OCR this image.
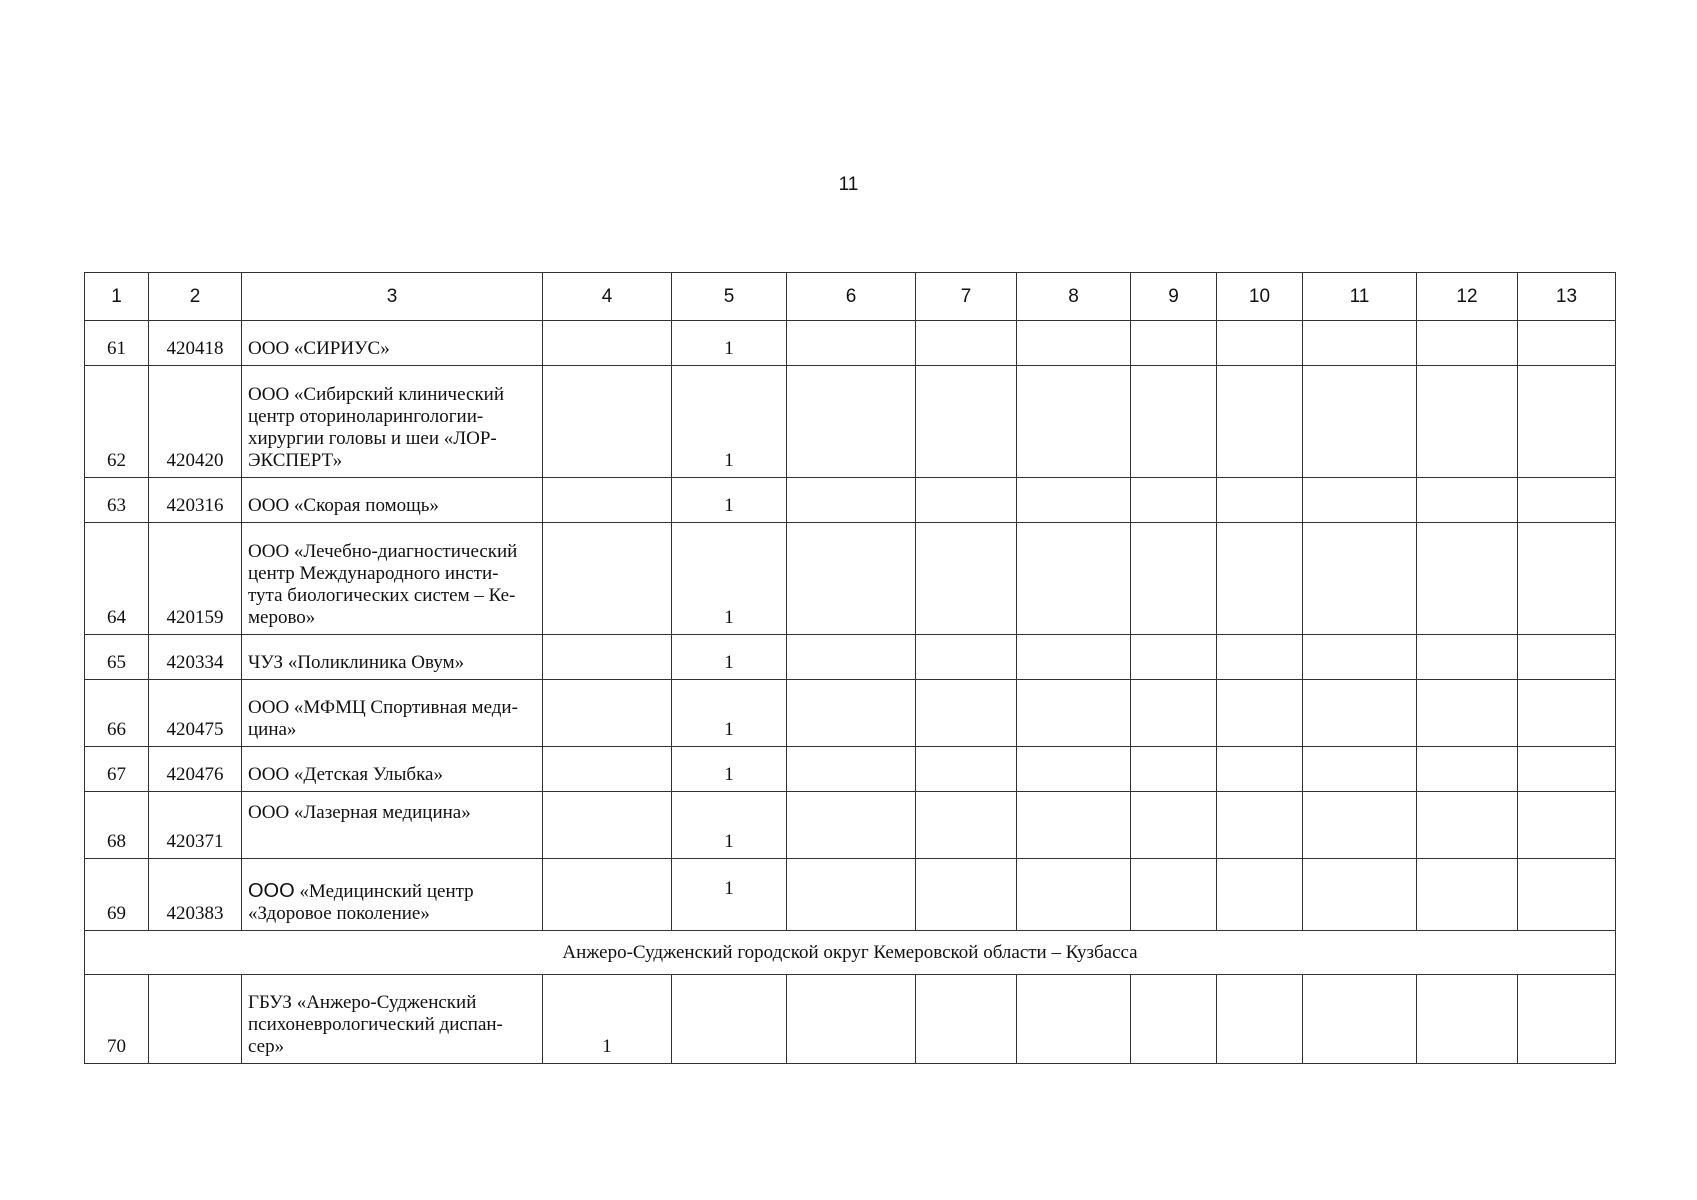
11
1	2	3	4	5	6	7	8	9	10	11	12	13
61	420418	ООО «СИРИУС»		1								
62	420420	ООО «Сибирский клинический
центр оториноларингологии-
хирургии головы и шеи «ЛОР-
ЭКСПЕРТ»		1								
63	420316	ООО «Скорая помощь»		1								
64	420159	ООО «Лечебно-диагностический
центр Международного инсти-
тута биологических систем – Ке-
мерово»		1								
65	420334	ЧУЗ «Поликлиника Овум»		1								
66	420475	ООО «МФМЦ Спортивная меди-
цина»		1								
67	420476	ООО «Детская Улыбка»		1								
68	420371	ООО «Лазерная медицина»		1								
69	420383	ООО «Медицинский центр
«Здоровое поколение»		1								
Анжеро-Судженский городской округ Кемеровской области – Кузбасса												
70		ГБУЗ «Анжеро-Судженский
психоневрологический диспан-
сер»	1									
